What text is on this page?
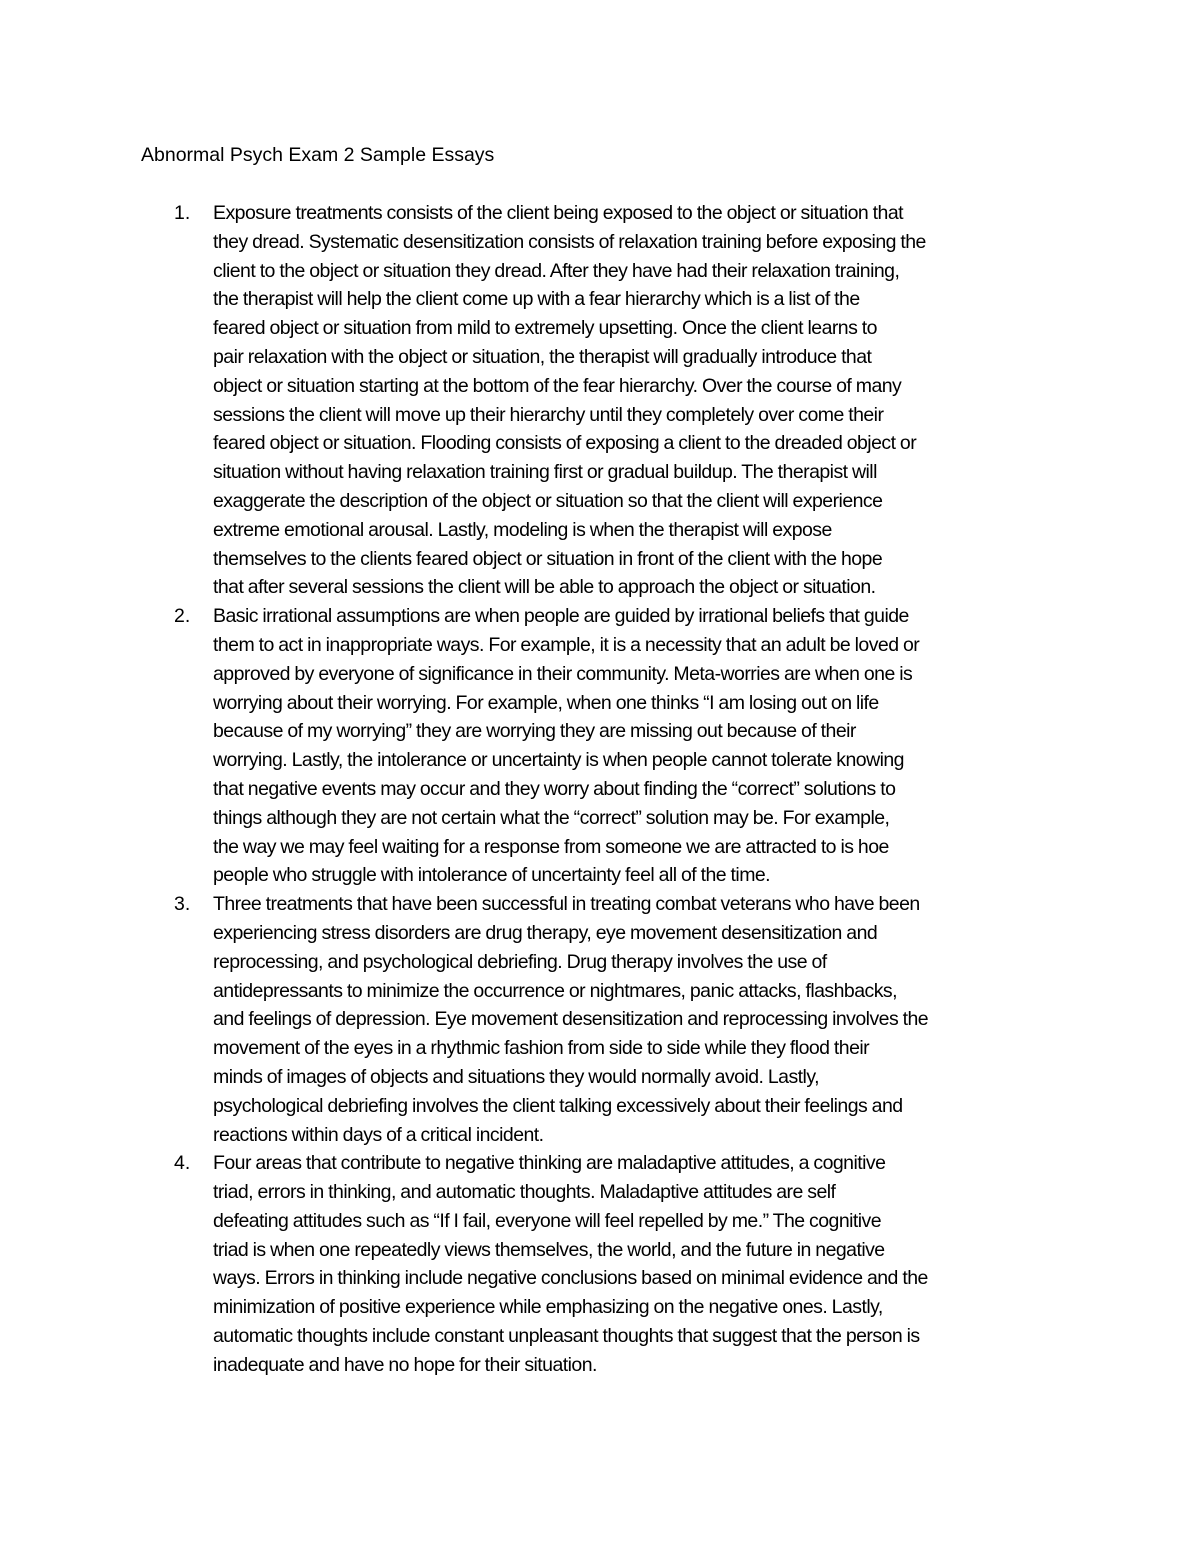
Abnormal Psych Exam 2 Sample Essays
1. Exposure treatments consists of the client being exposed to the object or situation that
they dread. Systematic desensitization consists of relaxation training before exposing the
client to the object or situation they dread. After they have had their relaxation training,
the therapist will help the client come up with a fear hierarchy which is a list of the
feared object or situation from mild to extremely upsetting. Once the client learns to
pair relaxation with the object or situation, the therapist will gradually introduce that
object or situation starting at the bottom of the fear hierarchy. Over the course of many
sessions the client will move up their hierarchy until they completely over come their
feared object or situation. Flooding consists of exposing a client to the dreaded object or
situation without having relaxation training first or gradual buildup. The therapist will
exaggerate the description of the object or situation so that the client will experience
extreme emotional arousal. Lastly, modeling is when the therapist will expose
themselves to the clients feared object or situation in front of the client with the hope
that after several sessions the client will be able to approach the object or situation.
2. Basic irrational assumptions are when people are guided by irrational beliefs that guide
them to act in inappropriate ways. For example, it is a necessity that an adult be loved or
approved by everyone of significance in their community. Meta-worries are when one is
worrying about their worrying. For example, when one thinks “I am losing out on life
because of my worrying” they are worrying they are missing out because of their
worrying. Lastly, the intolerance or uncertainty is when people cannot tolerate knowing
that negative events may occur and they worry about finding the “correct” solutions to
things although they are not certain what the “correct” solution may be. For example,
the way we may feel waiting for a response from someone we are attracted to is hoe
people who struggle with intolerance of uncertainty feel all of the time.
3. Three treatments that have been successful in treating combat veterans who have been
experiencing stress disorders are drug therapy, eye movement desensitization and
reprocessing, and psychological debriefing. Drug therapy involves the use of
antidepressants to minimize the occurrence or nightmares, panic attacks, flashbacks,
and feelings of depression. Eye movement desensitization and reprocessing involves the
movement of the eyes in a rhythmic fashion from side to side while they flood their
minds of images of objects and situations they would normally avoid. Lastly,
psychological debriefing involves the client talking excessively about their feelings and
reactions within days of a critical incident.
4. Four areas that contribute to negative thinking are maladaptive attitudes, a cognitive
triad, errors in thinking, and automatic thoughts. Maladaptive attitudes are self
defeating attitudes such as “If I fail, everyone will feel repelled by me.” The cognitive
triad is when one repeatedly views themselves, the world, and the future in negative
ways. Errors in thinking include negative conclusions based on minimal evidence and the
minimization of positive experience while emphasizing on the negative ones. Lastly,
automatic thoughts include constant unpleasant thoughts that suggest that the person is
inadequate and have no hope for their situation.
